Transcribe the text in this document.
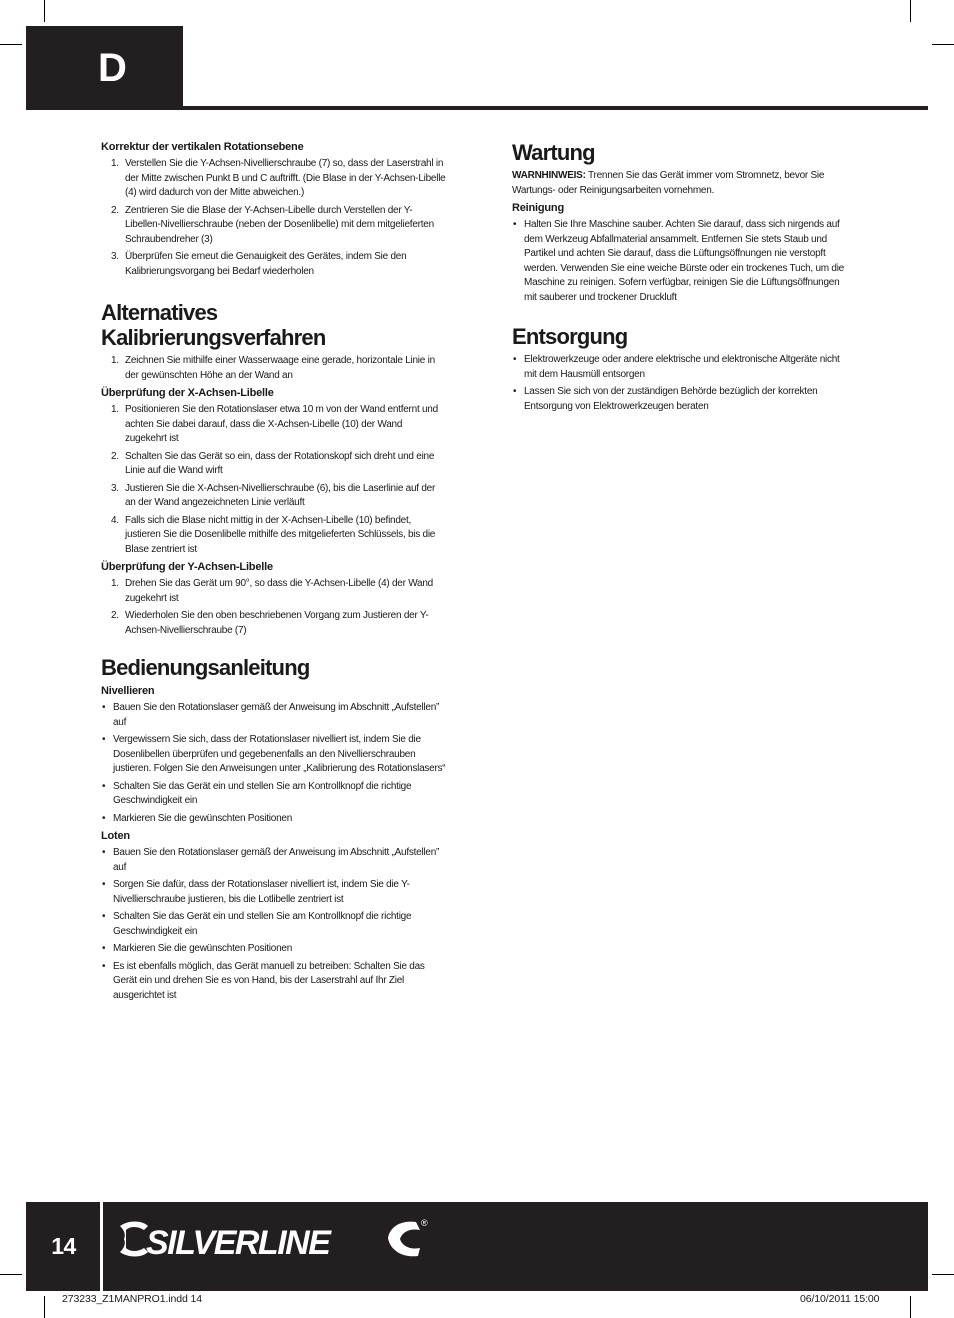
D
Korrektur der vertikalen Rotationsebene
1. Verstellen Sie die Y-Achsen-Nivellierschraube (7) so, dass der Laserstrahl in der Mitte zwischen Punkt B und C auftrifft. (Die Blase in der Y-Achsen-Libelle (4) wird dadurch von der Mitte abweichen.)
2. Zentrieren Sie die Blase der Y-Achsen-Libelle durch Verstellen der Y-Libellen-Nivellierschraube (neben der Dosenlibelle) mit dem mitgelieferten Schraubendreher (3)
3. Überprüfen Sie erneut die Genauigkeit des Gerätes, indem Sie den Kalibrierungsvorgang bei Bedarf wiederholen
Alternatives
Kalibrierungsverfahren
1. Zeichnen Sie mithilfe einer Wasserwaage eine gerade, horizontale Linie in der gewünschten Höhe an der Wand an
Überprüfung der X-Achsen-Libelle
1. Positionieren Sie den Rotationslaser etwa 10 m von der Wand entfernt und achten Sie dabei darauf, dass die X-Achsen-Libelle (10) der Wand zugekehrt ist
2. Schalten Sie das Gerät so ein, dass der Rotationskopf sich dreht und eine Linie auf die Wand wirft
3. Justieren Sie die X-Achsen-Nivellierschraube (6), bis die Laserlinie auf der an der Wand angezeichneten Linie verläuft
4. Falls sich die Blase nicht mittig in der X-Achsen-Libelle (10) befindet, justieren Sie die Dosenlibelle mithilfe des mitgelieferten Schlüssels, bis die Blase zentriert ist
Überprüfung der Y-Achsen-Libelle
1. Drehen Sie das Gerät um 90°, so dass die Y-Achsen-Libelle (4) der Wand zugekehrt ist
2. Wiederholen Sie den oben beschriebenen Vorgang zum Justieren der Y-Achsen-Nivellierschraube (7)
Bedienungsanleitung
Nivellieren
• Bauen Sie den Rotationslaser gemäß der Anweisung im Abschnitt „Aufstellen” auf
• Vergewissern Sie sich, dass der Rotationslaser nivelliert ist, indem Sie die Dosenlibellen überprüfen und gegebenenfalls an den Nivellierschrauben justieren. Folgen Sie den Anweisungen unter „Kalibrierung des Rotationslasers“
• Schalten Sie das Gerät ein und stellen Sie am Kontrollknopf die richtige Geschwindigkeit ein
• Markieren Sie die gewünschten Positionen
Loten
• Bauen Sie den Rotationslaser gemäß der Anweisung im Abschnitt „Aufstellen” auf
• Sorgen Sie dafür, dass der Rotationslaser nivelliert ist, indem Sie die Y-Nivellierschraube justieren, bis die Lotlibelle zentriert ist
• Schalten Sie das Gerät ein und stellen Sie am Kontrollknopf die richtige Geschwindigkeit ein
• Markieren Sie die gewünschten Positionen
• Es ist ebenfalls möglich, das Gerät manuell zu betreiben: Schalten Sie das Gerät ein und drehen Sie es von Hand, bis der Laserstrahl auf Ihr Ziel ausgerichtet ist
Wartung
WARNHINWEIS: Trennen Sie das Gerät immer vom Stromnetz, bevor Sie Wartungs- oder Reinigungsarbeiten vornehmen.
Reinigung
• Halten Sie Ihre Maschine sauber. Achten Sie darauf, dass sich nirgends auf dem Werkzeug Abfallmaterial ansammelt. Entfernen Sie stets Staub und Partikel und achten Sie darauf, dass die Lüftungsöffnungen nie verstopft werden. Verwenden Sie eine weiche Bürste oder ein trockenes Tuch, um die Maschine zu reinigen. Sofern verfügbar, reinigen Sie die Lüftungsöffnungen mit sauberer und trockener Druckluft
Entsorgung
• Elektrowerkzeuge oder andere elektrische und elektronische Altgeräte nicht mit dem Hausmüll entsorgen
• Lassen Sie sich von der zuständigen Behörde bezüglich der korrekten Entsorgung von Elektrowerkzeugen beraten
14	SILVERLINE
®
273233_Z1MANPRO1.indd 14	06/10/2011 15:00
